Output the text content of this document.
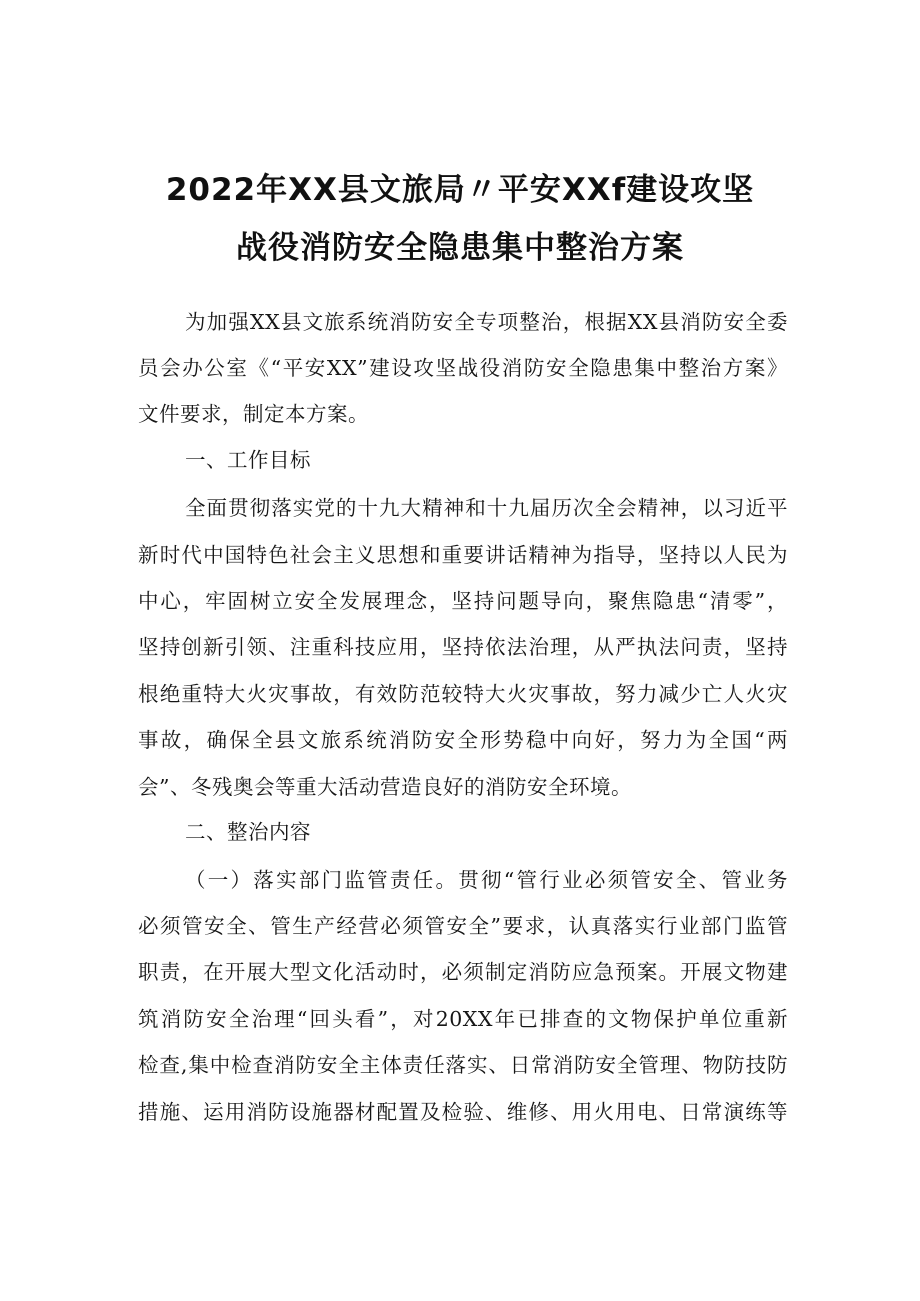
2022年XX县文旅局〃平安XXf建设攻坚
战役消防安全隐患集中整治方案
为加强XX县文旅系统消防安全专项整治，根据XX县消防安全委
员会办公室《“平安XX”建设攻坚战役消防安全隐患集中整治方案》
文件要求，制定本方案。
一、工作目标
全面贯彻落实党的十九大精神和十九届历次全会精神，以习近平
新时代中国特色社会主义思想和重要讲话精神为指导，坚持以人民为
中心，牢固树立安全发展理念，坚持问题导向，聚焦隐患“清零”，
坚持创新引领、注重科技应用，坚持依法治理，从严执法问责，坚持
根绝重特大火灾事故，有效防范较特大火灾事故，努力减少亡人火灾
事故，确保全县文旅系统消防安全形势稳中向好，努力为全国“两
会”、冬残奥会等重大活动营造良好的消防安全环境。
二、整治内容
（一）落实部门监管责任。贯彻“管行业必须管安全、管业务
必须管安全、管生产经营必须管安全”要求，认真落实行业部门监管
职责，在开展大型文化活动时，必须制定消防应急预案。开展文物建
筑消防安全治理“回头看”，对20XX年已排查的文物保护单位重新
检查,集中检查消防安全主体责任落实、日常消防安全管理、物防技防
措施、运用消防设施器材配置及检验、维修、用火用电、日常演练等
